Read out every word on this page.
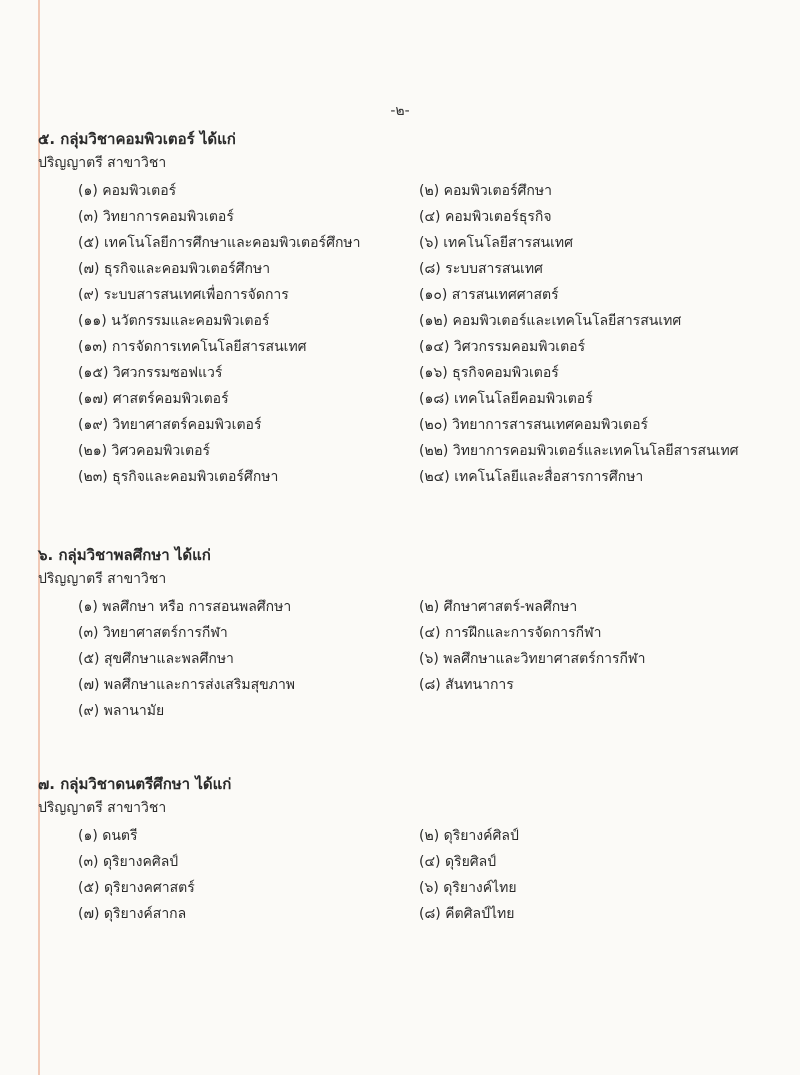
-๒-
๕. กลุ่มวิชาคอมพิวเตอร์ ได้แก่
ปริญญาตรี สาขาวิชา
(๑) คอมพิวเตอร์	(๒) คอมพิวเตอร์ศึกษา
(๓) วิทยาการคอมพิวเตอร์	(๔) คอมพิวเตอร์ธุรกิจ
(๕) เทคโนโลยีการศึกษาและคอมพิวเตอร์ศึกษา	(๖) เทคโนโลยีสารสนเทศ
(๗) ธุรกิจและคอมพิวเตอร์ศึกษา	(๘) ระบบสารสนเทศ
(๙) ระบบสารสนเทศเพื่อการจัดการ	(๑๐) สารสนเทศศาสตร์
(๑๑) นวัตกรรมและคอมพิวเตอร์	(๑๒) คอมพิวเตอร์และเทคโนโลยีสารสนเทศ
(๑๓) การจัดการเทคโนโลยีสารสนเทศ	(๑๔) วิศวกรรมคอมพิวเตอร์
(๑๕) วิศวกรรมซอฟแวร์	(๑๖) ธุรกิจคอมพิวเตอร์
(๑๗) ศาสตร์คอมพิวเตอร์	(๑๘) เทคโนโลยีคอมพิวเตอร์
(๑๙) วิทยาศาสตร์คอมพิวเตอร์	(๒๐) วิทยาการสารสนเทศคอมพิวเตอร์
(๒๑) วิศวคอมพิวเตอร์	(๒๒) วิทยาการคอมพิวเตอร์และเทคโนโลยีสารสนเทศ
(๒๓) ธุรกิจและคอมพิวเตอร์ศึกษา	(๒๔) เทคโนโลยีและสื่อสารการศึกษา
๖. กลุ่มวิชาพลศึกษา ได้แก่
ปริญญาตรี สาขาวิชา
(๑) พลศึกษา หรือ การสอนพลศึกษา	(๒) ศึกษาศาสตร์-พลศึกษา
(๓) วิทยาศาสตร์การกีฬา	(๔) การฝึกและการจัดการกีฬา
(๕) สุขศึกษาและพลศึกษา	(๖) พลศึกษาและวิทยาศาสตร์การกีฬา
(๗) พลศึกษาและการส่งเสริมสุขภาพ	(๘) สันทนาการ
(๙) พลานามัย
๗. กลุ่มวิชาดนตรีศึกษา ได้แก่
ปริญญาตรี สาขาวิชา
(๑) ดนตรี	(๒) ดุริยางค์ศิลป์
(๓) ดุริยางคศิลป์	(๔) ดุริยศิลป์
(๕) ดุริยางคศาสตร์	(๖) ดุริยางค์ไทย
(๗) ดุริยางค์สากล	(๘) คีตศิลป์ไทย
